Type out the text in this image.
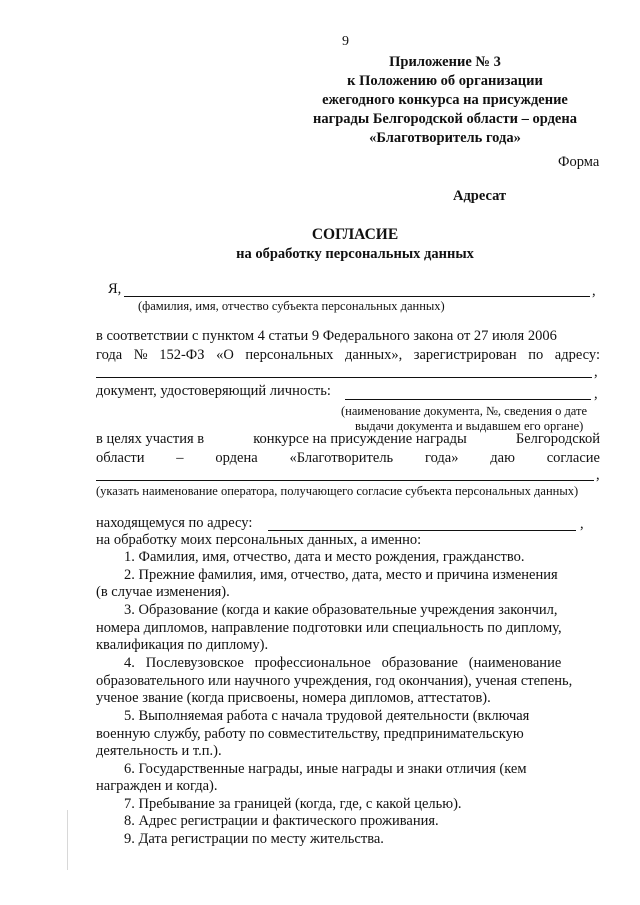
9
Приложение № 3
к Положению об организации
ежегодного конкурса на присуждение
награды Белгородской области – ордена
«Благотворитель года»
Форма
Адресат
СОГЛАСИЕ
на обработку персональных данных
Я,	,
(фамилия, имя, отчество субъекта персональных данных)
в соответствии с пунктом 4 статьи 9 Федерального закона от 27 июля 2006
года № 152-ФЗ «О персональных данных», зарегистрирован по адресу:
,
документ, удостоверяющий личность:	,
(наименование документа, №, сведения о дате
выдачи документа и выдавшем его органе)
в целях участия в	конкурсе на присуждение награды	Белгородской
области – ордена «Благотворитель года» даю согласие
,
(указать наименование оператора, получающего согласие субъекта персональных данных)
находящемуся по адресу:	,
на обработку моих персональных данных, а именно:
1. Фамилия, имя, отчество, дата и место рождения, гражданство.
2. Прежние фамилия, имя, отчество, дата, место и причина изменения
(в случае изменения).
3. Образование (когда и какие образовательные учреждения закончил,
номера дипломов, направление подготовки или специальность по диплому,
квалификация по диплому).
4.   Послевузовское   профессиональное   образование   (наименование
образовательного или научного учреждения, год окончания), ученая степень,
ученое звание (когда присвоены, номера дипломов, аттестатов).
5. Выполняемая работа с начала трудовой деятельности (включая
военную службу, работу по совместительству, предпринимательскую
деятельность и т.п.).
6. Государственные награды, иные награды и знаки отличия (кем
награжден и когда).
7. Пребывание за границей (когда, где, с какой целью).
8. Адрес регистрации и фактического проживания.
9. Дата регистрации по месту жительства.
